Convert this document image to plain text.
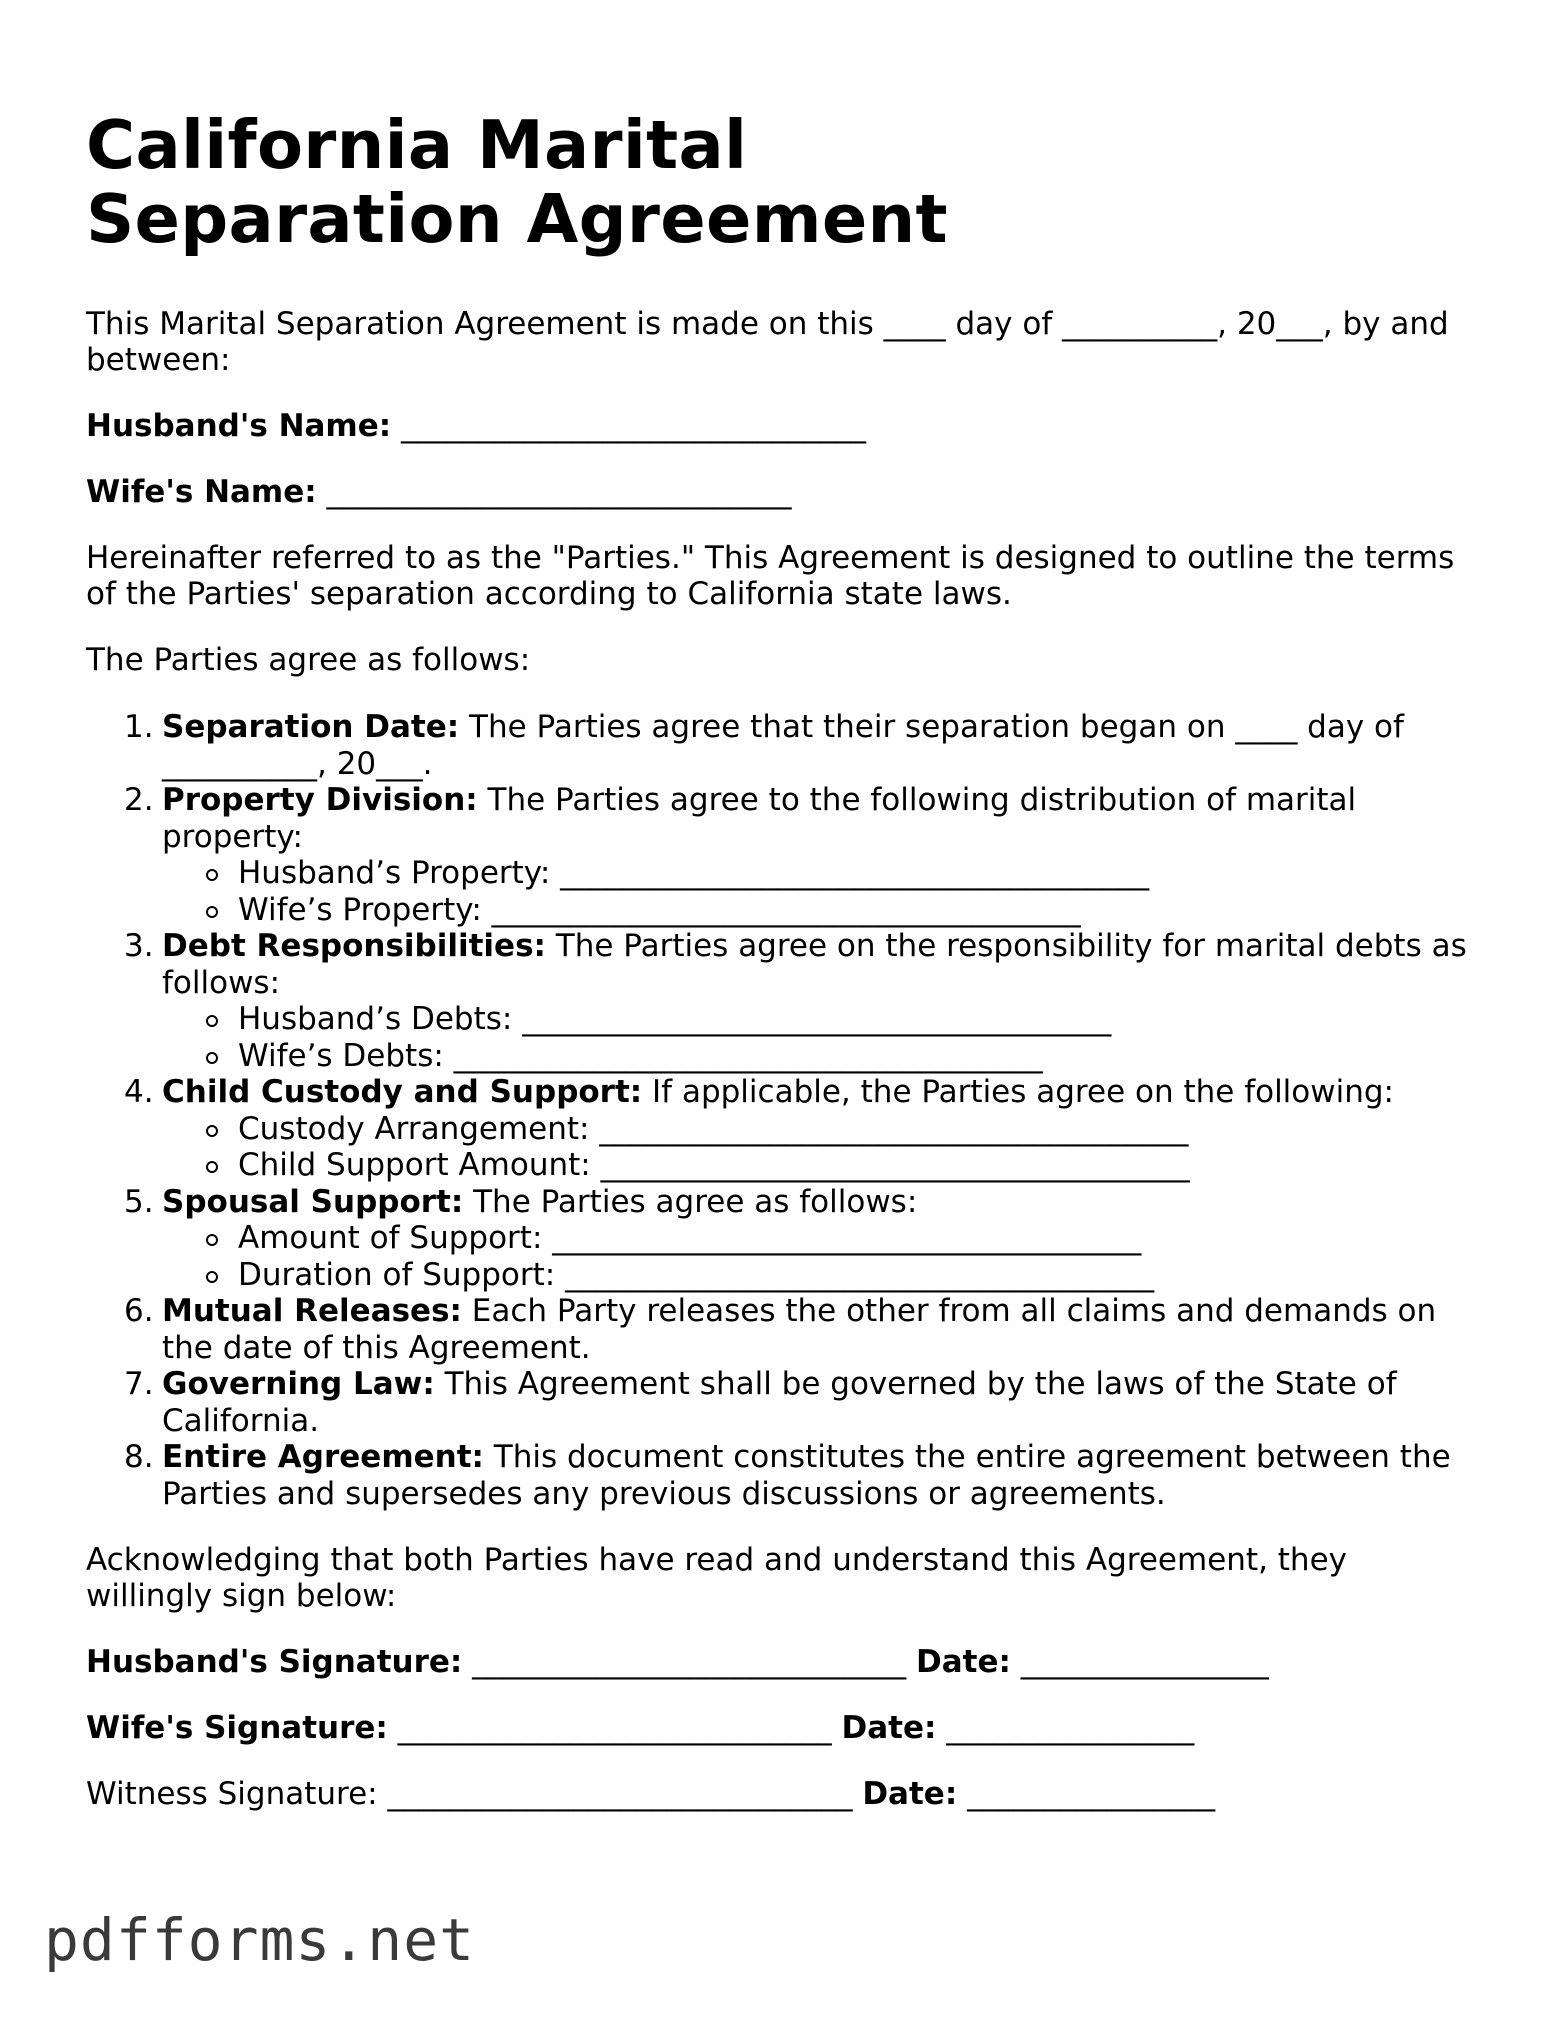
California Marital Separation Agreement

This Marital Separation Agreement is made on this ____ day of __________, 20___, by and between:

Husband's Name: ______________________________

Wife's Name: ______________________________

Hereinafter referred to as the "Parties." This Agreement is designed to outline the terms of the Parties' separation according to California state laws.

The Parties agree as follows:

1. Separation Date: The Parties agree that their separation began on ____ day of __________, 20___.
2. Property Division: The Parties agree to the following distribution of marital property:
Husband’s Property: ______________________________________
Wife’s Property: ______________________________________
3. Debt Responsibilities: The Parties agree on the responsibility for marital debts as follows:
Husband’s Debts: ______________________________________
Wife’s Debts: ______________________________________
4. Child Custody and Support: If applicable, the Parties agree on the following:
Custody Arrangement: ______________________________________
Child Support Amount: ______________________________________
5. Spousal Support: The Parties agree as follows:
Amount of Support: ______________________________________
Duration of Support: ______________________________________
6. Mutual Releases: Each Party releases the other from all claims and demands on the date of this Agreement.
7. Governing Law: This Agreement shall be governed by the laws of the State of California.
8. Entire Agreement: This document constitutes the entire agreement between the Parties and supersedes any previous discussions or agreements.

Acknowledging that both Parties have read and understand this Agreement, they willingly sign below:

Husband's Signature: ____________________________ Date: ________________

Wife's Signature: ____________________________ Date: ________________

Witness Signature: ______________________________ Date: ________________

pdfforms.net
